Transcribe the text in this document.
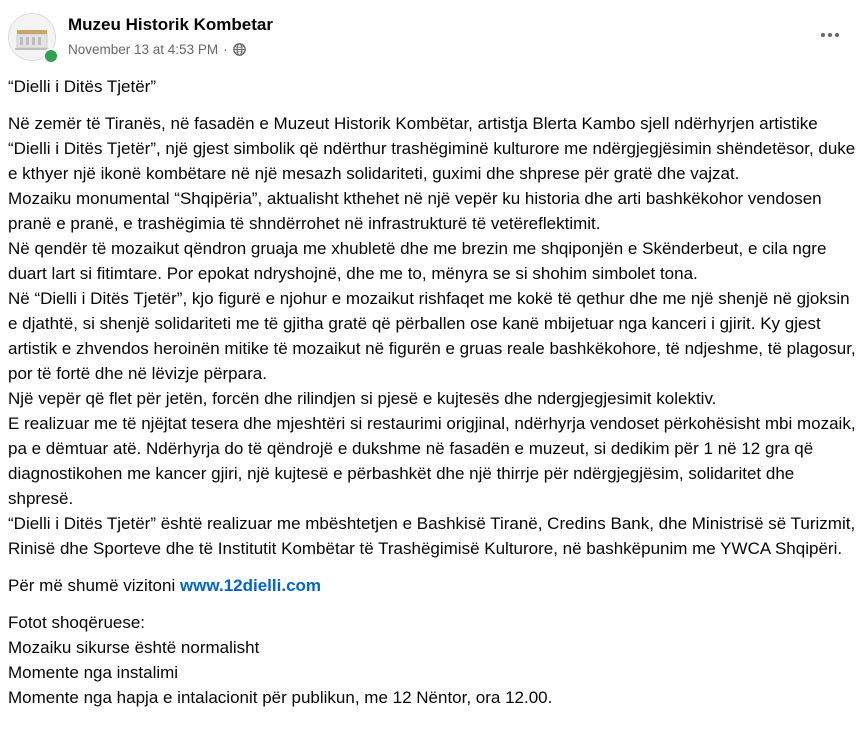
Muzeu Historik Kombetar
November 13 at 4:53 PM ·

“Dielli i Ditës Tjetër”

Në zemër të Tiranës, në fasadën e Muzeut Historik Kombëtar, artistja Blerta Kambo sjell ndërhyrjen artistike “Dielli i Ditës Tjetër”, një gjest simbolik që ndërthur trashëgiminë kulturore me ndërgjegjësimin shëndetësor, duke e kthyer një ikonë kombëtare në një mesazh solidariteti, guximi dhe shprese për gratë dhe vajzat.

Mozaiku monumental “Shqipëria”, aktualisht kthehet në një vepër ku historia dhe arti bashkëkohor vendosen pranë e pranë, e trashëgimia të shndërrohet në infrastrukturë të vetëreflektimit.

Në qendër të mozaikut qëndron gruaja me xhubletë dhe me brezin me shqiponjën e Skënderbeut, e cila ngre duart lart si fitimtare. Por epokat ndryshojnë, dhe me to, mënyra se si shohim simbolet tona.

Në “Dielli i Ditës Tjetër”, kjo figurë e njohur e mozaikut rishfaqet me kokë të qethur dhe me një shenjë në gjoksin e djathtë, si shenjë solidariteti me të gjitha gratë që përballen ose kanë mbijetuar nga kanceri i gjirit. Ky gjest artistik e zhvendos heroinën mitike të mozaikut në figurën e gruas reale bashkëkohore, të ndjeshme, të plagosur, por të fortë dhe në lëvizje përpara.

Një vepër që flet për jetën, forcën dhe rilindjen si pjesë e kujtesës dhe ndergjegjesimit kolektiv.

E realizuar me të njëjtat tesera dhe mjeshtëri si restaurimi origjinal, ndërhyrja vendoset përkohësisht mbi mozaik, pa e dëmtuar atë. Ndërhyrja do të qëndrojë e dukshme në fasadën e muzeut, si dedikim për 1 në 12 gra që diagnostikohen me kancer gjiri, një kujtesë e përbashkët dhe një thirrje për ndërgjegjësim, solidaritet dhe shpresë.

“Dielli i Ditës Tjetër” është realizuar me mbështetjen e Bashkisë Tiranë, Credins Bank, dhe Ministrisë së Turizmit, Rinisë dhe Sporteve dhe të Institutit Kombëtar të Trashëgimisë Kulturore, në bashkëpunim me YWCA Shqipëri.

Për më shumë vizitoni www.12dielli.com

Fotot shoqëruese:

Mozaiku sikurse është normalisht

Momente nga instalimi

Momente nga hapja e intalacionit për publikun, me 12 Nëntor, ora 12.00.
